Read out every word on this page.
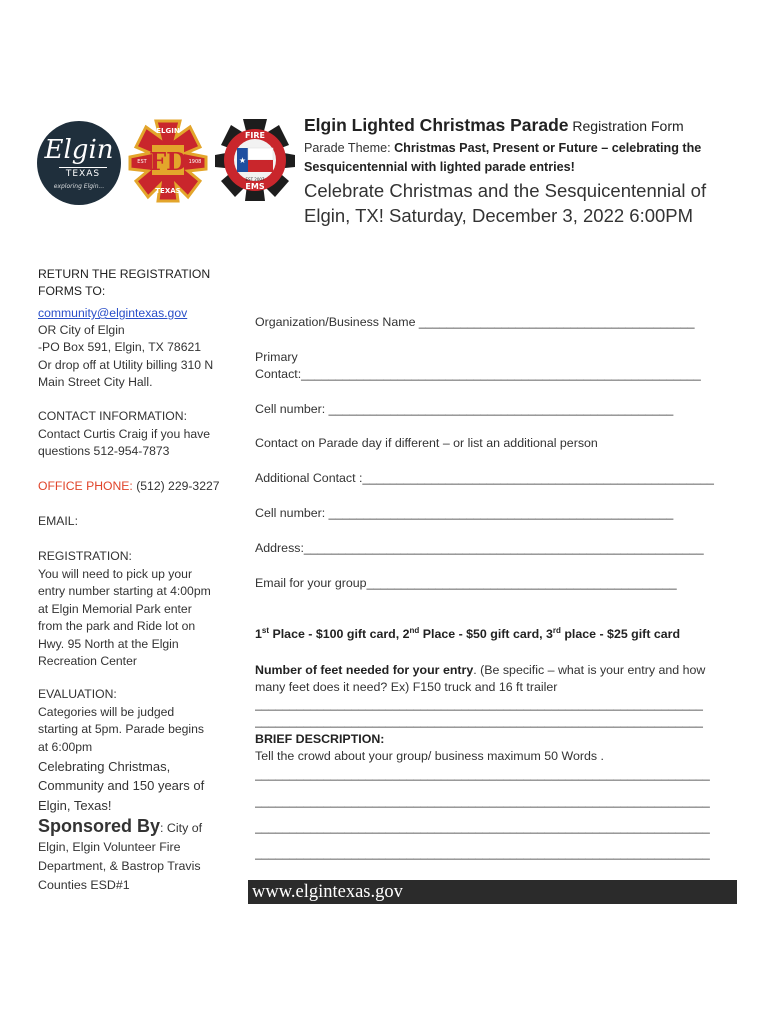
Elgin
TEXAS
exploring Elgin...
ELGIN
EST	1908
FD
TEXAS
★
FIRE
EST 2007
EMS
Elgin Lighted Christmas Parade Registration Form
Parade Theme: Christmas Past, Present or Future – celebrating the Sesquicentennial with lighted parade entries!
Celebrate Christmas and the Sesquicentennial of Elgin, TX! Saturday, December 3, 2022 6:00PM
RETURN THE REGISTRATION FORMS TO:
community@elgintexas.gov
OR City of Elgin
-PO Box 591, Elgin, TX 78621
Or drop off at Utility billing 310 N Main Street City Hall.
CONTACT INFORMATION:
Contact Curtis Craig if you have questions 512-954-7873
OFFICE PHONE: (512) 229-3227
EMAIL:
REGISTRATION:
You will need to pick up your entry number starting at 4:00pm at Elgin Memorial Park enter from the park and Ride lot on Hwy. 95 North at the Elgin Recreation Center
EVALUATION:
Categories will be judged starting at 5pm. Parade begins at 6:00pm
Celebrating Christmas, Community and 150 years of Elgin, Texas!
Sponsored By: City of Elgin, Elgin Volunteer Fire Department, & Bastrop Travis Counties ESD#1
Organization/Business Name ________________________________________
Primary
Contact:__________________________________________________________
Cell number: __________________________________________________
Contact on Parade day if different – or list an additional person
Additional Contact :___________________________________________________
Cell number: __________________________________________________
Address:__________________________________________________________
Email for your group_____________________________________________
1st Place - $100 gift card, 2nd Place - $50 gift card, 3rd place - $25 gift card
Number of feet needed for your entry. (Be specific – what is your entry and how many feet does it need? Ex) F150 truck and 16 ft trailer
_________________________________________________________________
_________________________________________________________________
BRIEF DESCRIPTION:
Tell the crowd about your group/ business maximum 50 Words .
__________________________________________________________________
__________________________________________________________________
__________________________________________________________________
__________________________________________________________________
www.elgintexas.gov
